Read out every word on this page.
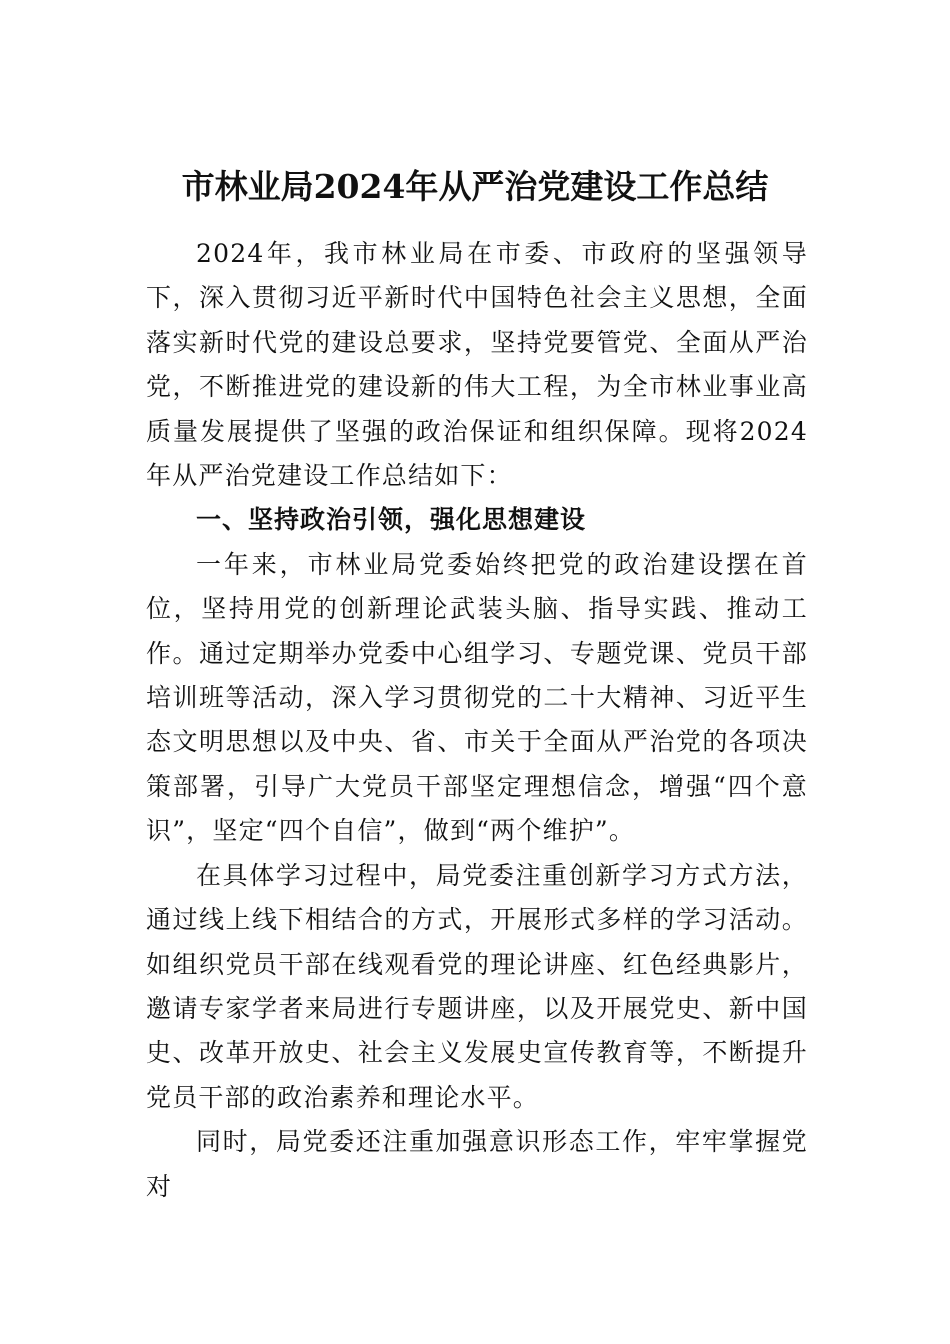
市林业局2024年从严治党建设工作总结

2024年，我市林业局在市委、市政府的坚强领导下，深入贯彻习近平新时代中国特色社会主义思想，全面落实新时代党的建设总要求，坚持党要管党、全面从严治党，不断推进党的建设新的伟大工程，为全市林业事业高质量发展提供了坚强的政治保证和组织保障。现将2024年从严治党建设工作总结如下：

一、坚持政治引领，强化思想建设

一年来，市林业局党委始终把党的政治建设摆在首位，坚持用党的创新理论武装头脑、指导实践、推动工作。通过定期举办党委中心组学习、专题党课、党员干部培训班等活动，深入学习贯彻党的二十大精神、习近平生态文明思想以及中央、省、市关于全面从严治党的各项决策部署，引导广大党员干部坚定理想信念，增强“四个意识”，坚定“四个自信”，做到“两个维护”。

在具体学习过程中，局党委注重创新学习方式方法，通过线上线下相结合的方式，开展形式多样的学习活动。如组织党员干部在线观看党的理论讲座、红色经典影片，邀请专家学者来局进行专题讲座，以及开展党史、新中国史、改革开放史、社会主义发展史宣传教育等，不断提升党员干部的政治素养和理论水平。

同时，局党委还注重加强意识形态工作，牢牢掌握党对
